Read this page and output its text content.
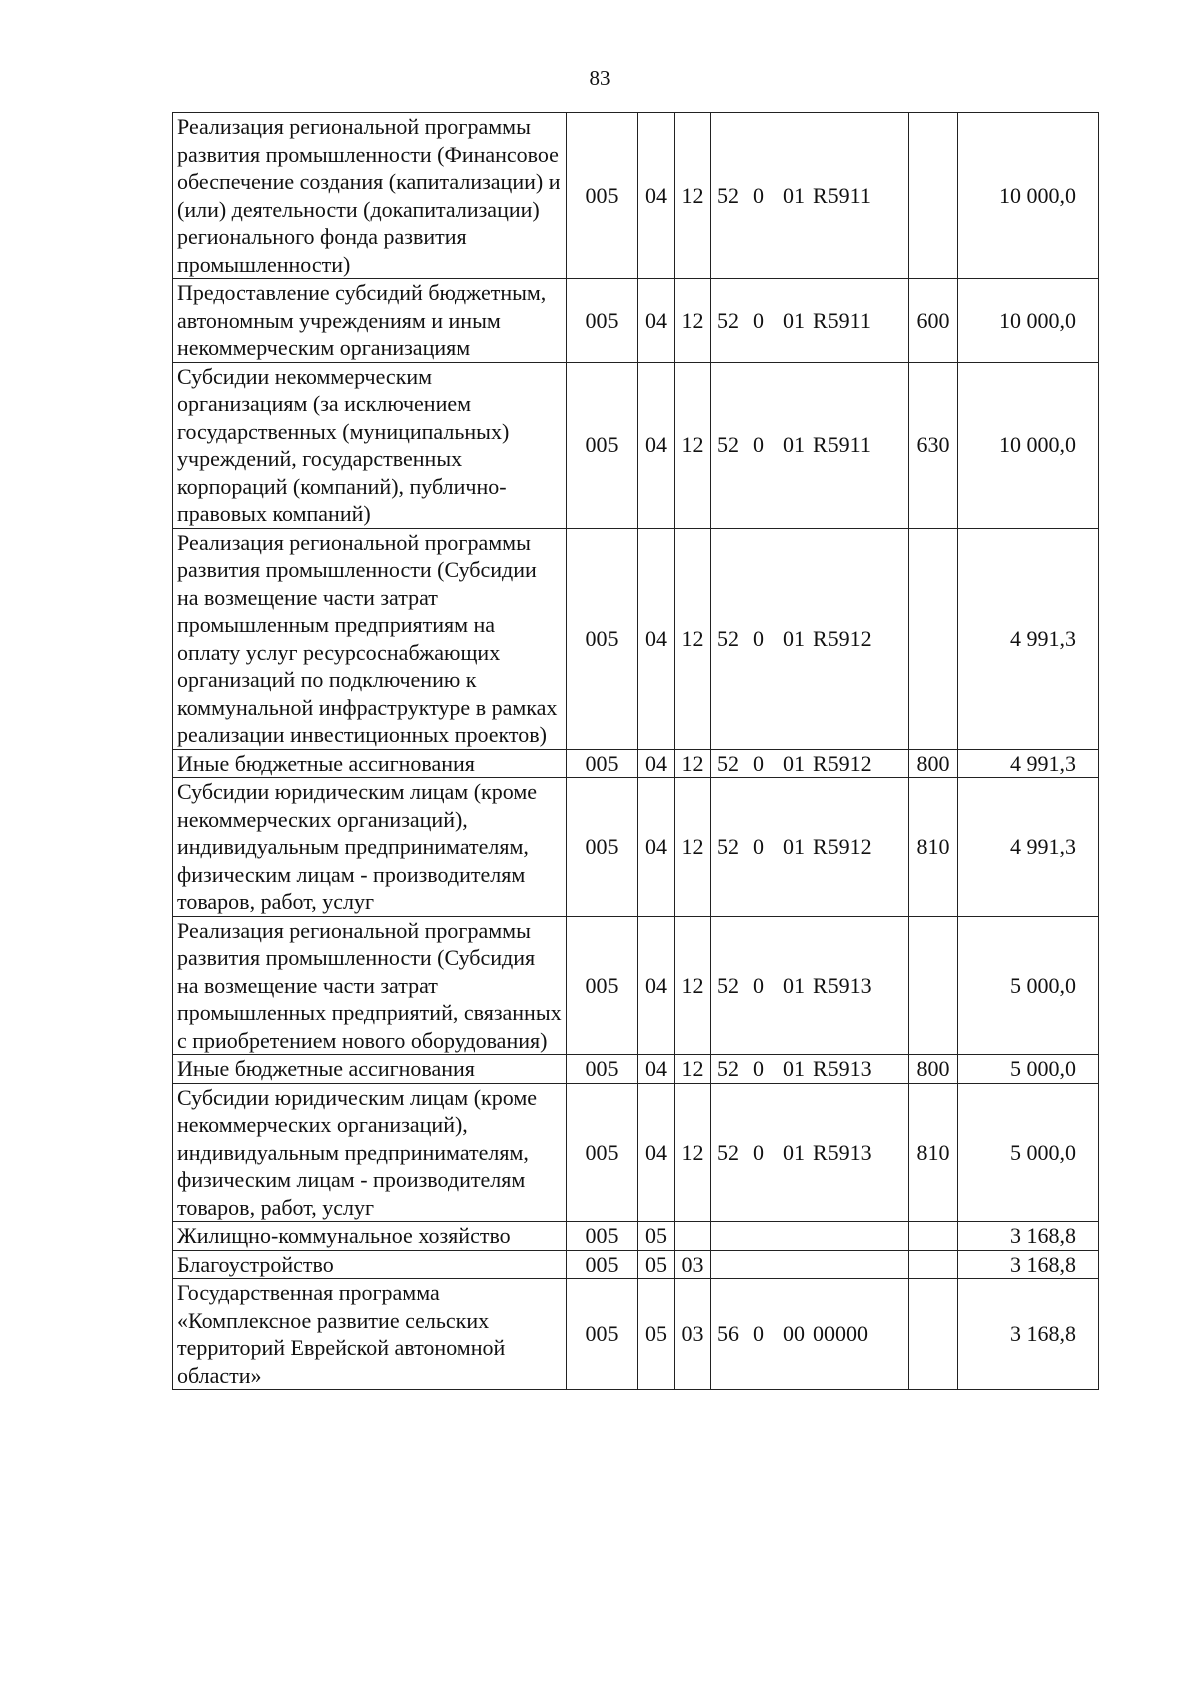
83
Реализация региональной программы развития промышленности (Финансовое обеспечение создания (капитализации) и (или) деятельности (докапитализации) регионального фонда развития промышленности)	005	04	12	52 0 01 R5911		10 000,0
Предоставление субсидий бюджетным, автономным учреждениям и иным некоммерческим организациям	005	04	12	52 0 01 R5911	600	10 000,0
Субсидии некоммерческим организациям (за исключением государственных (муниципальных) учреждений, государственных корпораций (компаний), публично-правовых компаний)	005	04	12	52 0 01 R5911	630	10 000,0
Реализация региональной программы развития промышленности (Субсидии на возмещение части затрат промышленным предприятиям на оплату услуг ресурсоснабжающих организаций по подключению к коммунальной инфраструктуре в рамках реализации инвестиционных проектов)	005	04	12	52 0 01 R5912		4 991,3
Иные бюджетные ассигнования	005	04	12	52 0 01 R5912	800	4 991,3
Субсидии юридическим лицам (кроме некоммерческих организаций), индивидуальным предпринимателям, физическим лицам - производителям товаров, работ, услуг	005	04	12	52 0 01 R5912	810	4 991,3
Реализация региональной программы развития промышленности (Субсидия на возмещение части затрат промышленных предприятий, связанных с приобретением нового оборудования)	005	04	12	52 0 01 R5913		5 000,0
Иные бюджетные ассигнования	005	04	12	52 0 01 R5913	800	5 000,0
Субсидии юридическим лицам (кроме некоммерческих организаций), индивидуальным предпринимателям, физическим лицам - производителям товаров, работ, услуг	005	04	12	52 0 01 R5913	810	5 000,0
Жилищно-коммунальное хозяйство	005	05				3 168,8
Благоустройство	005	05	03			3 168,8
Государственная программа «Комплексное развитие сельских территорий Еврейской автономной области»	005	05	03	56 0 00 00000		3 168,8
